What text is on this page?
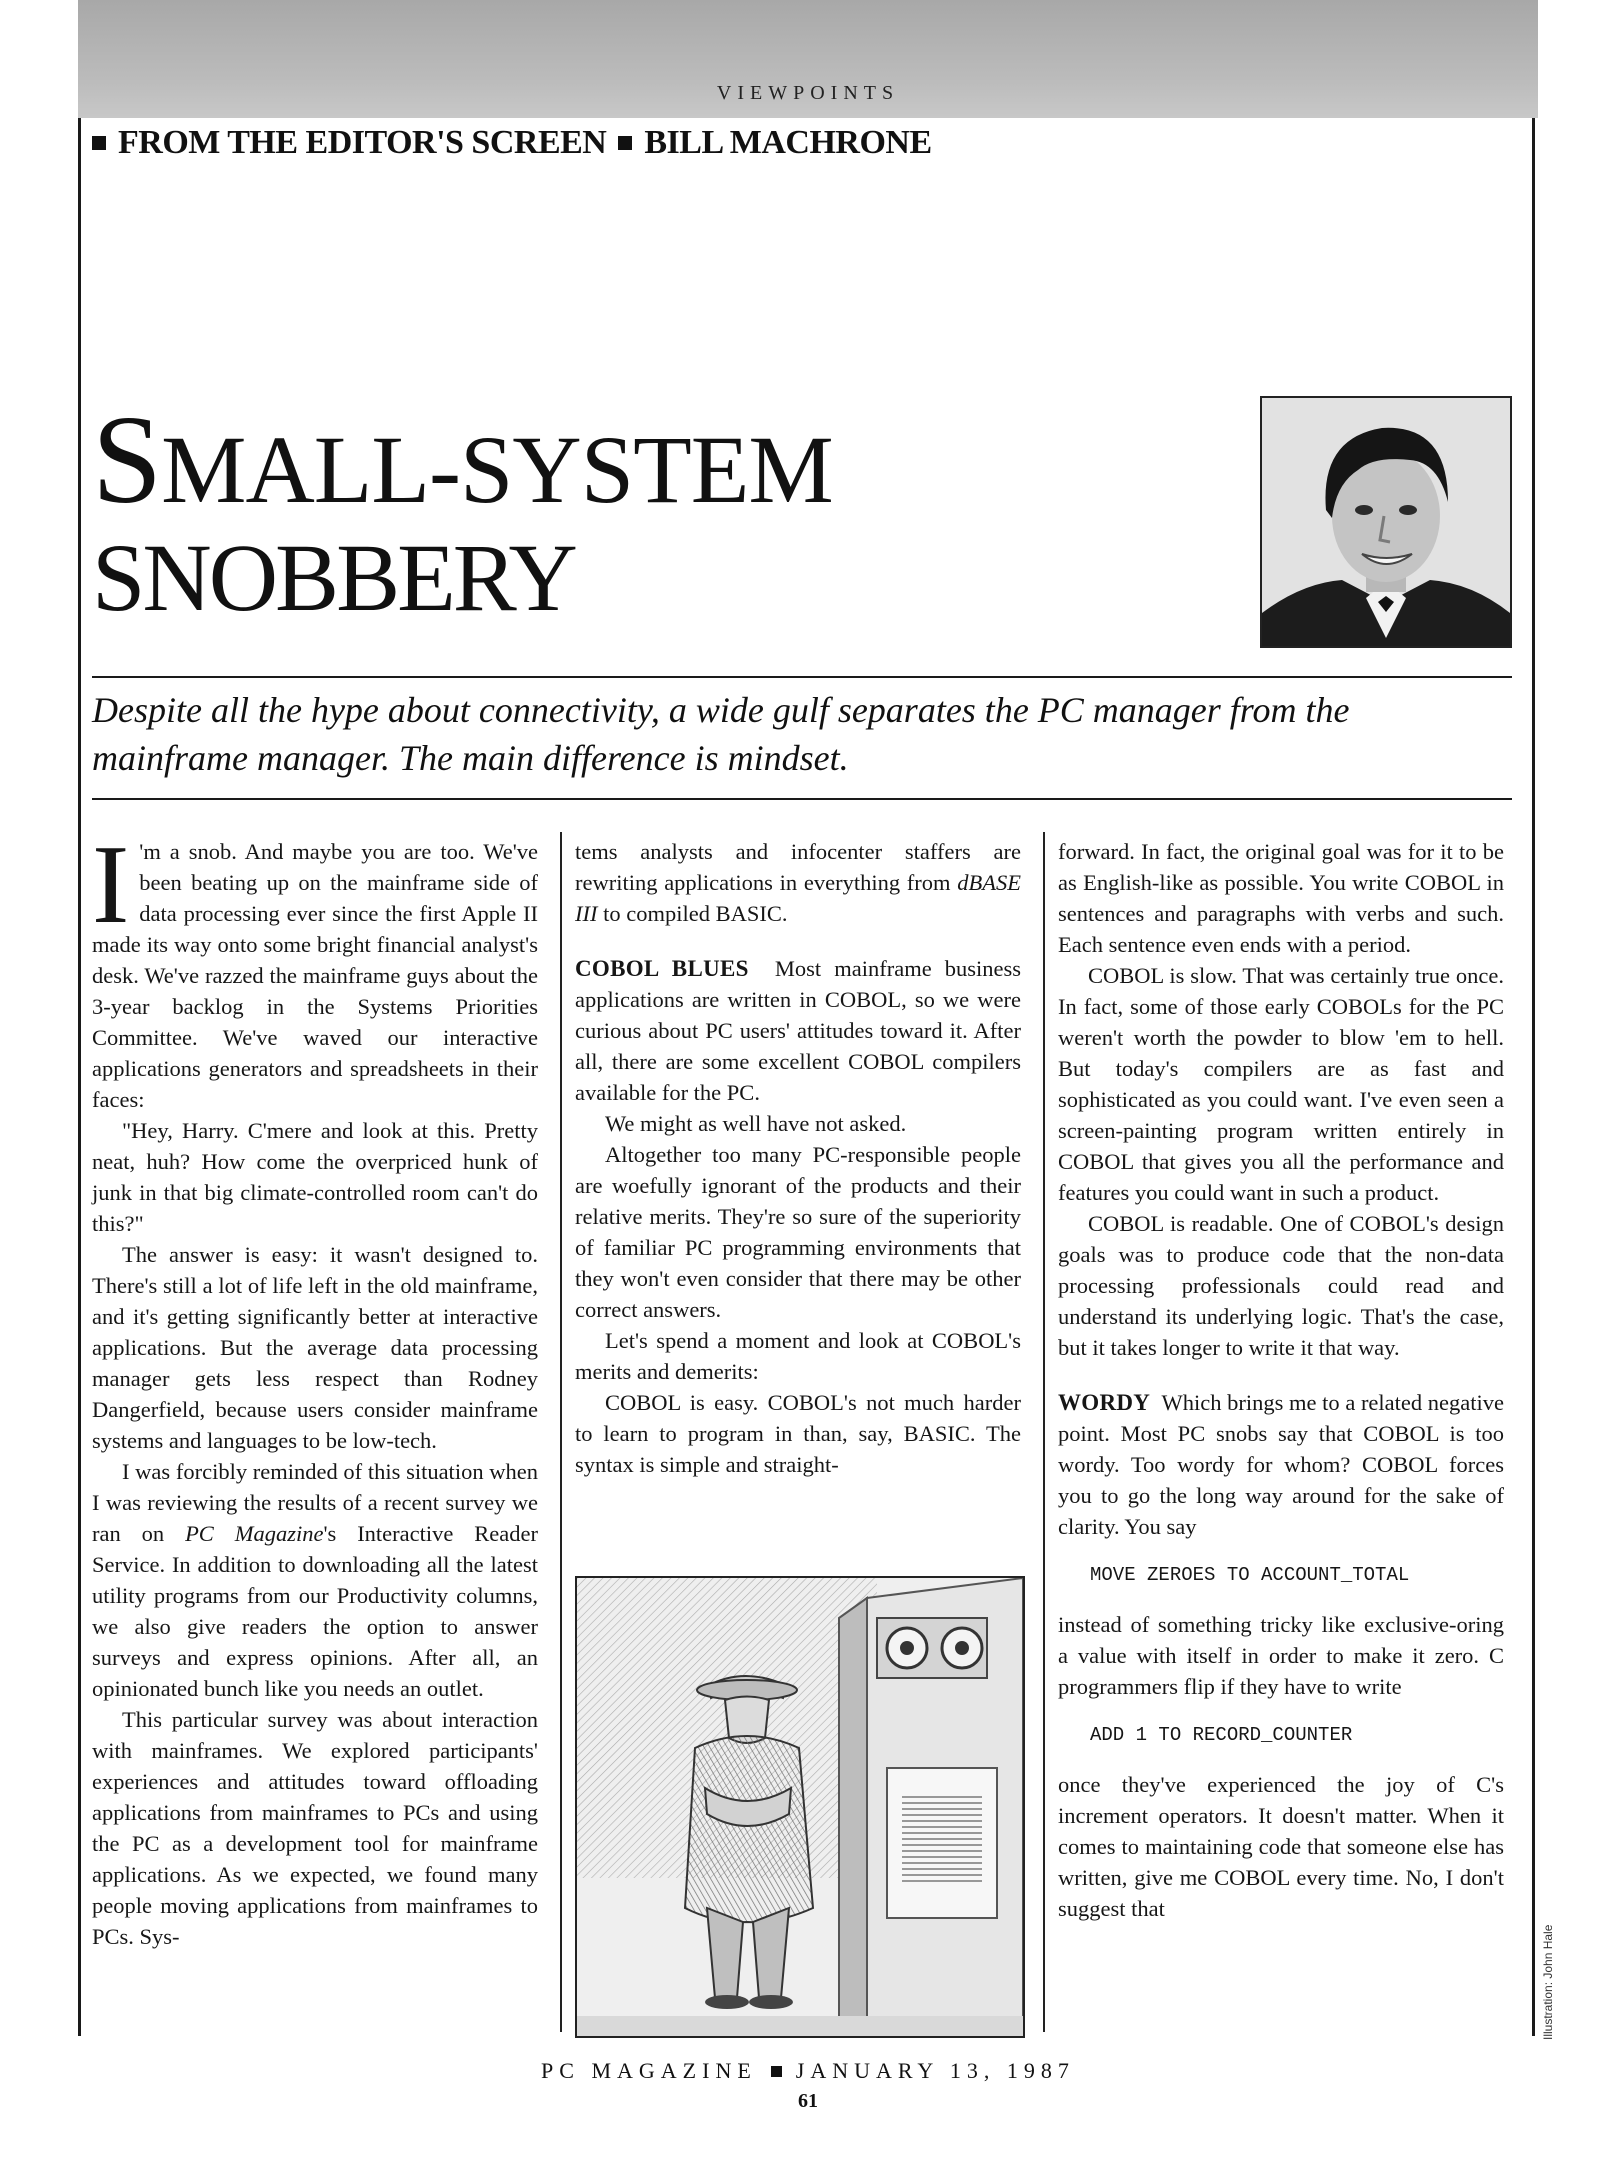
VIEWPOINTS
FROM THE EDITOR'S SCREEN BILL MACHRONE
SMALL-SYSTEM
SNOBBERY
Despite all the hype about connectivity, a wide gulf separates the PC manager from the mainframe manager. The main difference is mindset.

I 'm a snob. And maybe you are too. We've been beating up on the mainframe side of data processing ever since the first Apple II made its way onto some bright financial analyst's desk. We've razzed the mainframe guys about the 3-year backlog in the Systems Priorities Committee. We've waved our interactive applications generators and spreadsheets in their faces:

"Hey, Harry. C'mere and look at this. Pretty neat, huh? How come the overpriced hunk of junk in that big climate-controlled room can't do this?"

The answer is easy: it wasn't designed to. There's still a lot of life left in the old mainframe, and it's getting significantly better at interactive applications. But the average data processing manager gets less respect than Rodney Dangerfield, because users consider mainframe systems and languages to be low-tech.

I was forcibly reminded of this situation when I was reviewing the results of a recent survey we ran on PC Magazine's Interactive Reader Service. In addition to downloading all the latest utility programs from our Productivity columns, we also give readers the option to answer surveys and express opinions. After all, an opinionated bunch like you needs an outlet.

This particular survey was about interaction with mainframes. We explored participants' experiences and attitudes toward offloading applications from mainframes to PCs and using the PC as a development tool for mainframe applications. As we expected, we found many people moving applications from mainframes to PCs. Sys-

tems analysts and infocenter staffers are rewriting applications in everything from dBASE III to compiled BASIC.

COBOL BLUES Most mainframe business applications are written in COBOL, so we were curious about PC users' attitudes toward it. After all, there are some excellent COBOL compilers available for the PC.

We might as well have not asked.

Altogether too many PC-responsible people are woefully ignorant of the products and their relative merits. They're so sure of the superiority of familiar PC programming environments that they won't even consider that there may be other correct answers.

Let's spend a moment and look at COBOL's merits and demerits:

COBOL is easy. COBOL's not much harder to learn to program in than, say, BASIC. The syntax is simple and straight-

forward. In fact, the original goal was for it to be as English-like as possible. You write COBOL in sentences and paragraphs with verbs and such. Each sentence even ends with a period.

COBOL is slow. That was certainly true once. In fact, some of those early COBOLs for the PC weren't worth the powder to blow 'em to hell. But today's compilers are as fast and sophisticated as you could want. I've even seen a screen-painting program written entirely in COBOL that gives you all the performance and features you could want in such a product.

COBOL is readable. One of COBOL's design goals was to produce code that the non-data processing professionals could read and understand its underlying logic. That's the case, but it takes longer to write it that way.

WORDY Which brings me to a related negative point. Most PC snobs say that COBOL is too wordy. Too wordy for whom? COBOL forces you to go the long way around for the sake of clarity. You say

MOVE ZEROES TO ACCOUNT_TOTAL

instead of something tricky like exclusive-oring a value with itself in order to make it zero. C programmers flip if they have to write

ADD 1 TO RECORD_COUNTER

once they've experienced the joy of C's increment operators. It doesn't matter. When it comes to maintaining code that someone else has written, give me COBOL every time. No, I don't suggest that

Illustration: John Hale
PC MAGAZINE JANUARY 13, 1987
61
